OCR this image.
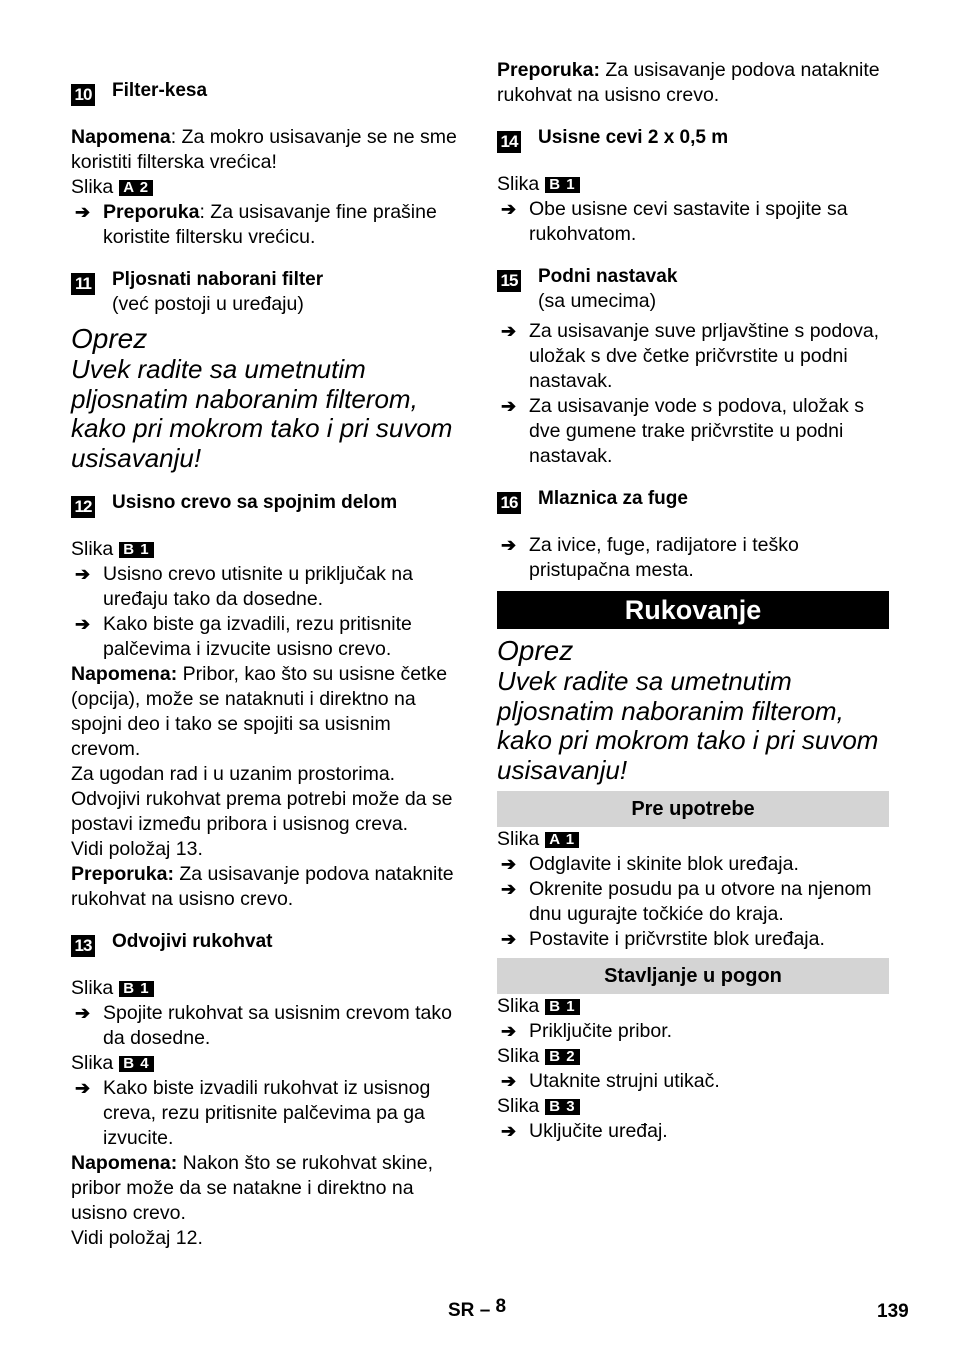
10 Filter-kesa

Napomena: Za mokro usisavanje se ne sme koristiti filterska vrećica!

Slika A 2

➔ Preporuka: Za usisavanje fine prašine koristite filtersku vrećicu.

11 Pljosnati naborani filter
(već postoji u uređaju)
Oprez
Uvek radite sa umetnutim pljosnatim naboranim filterom, kako pri mokrom tako i pri suvom usisavanju!
12 Usisno crevo sa spojnim delom

Slika B 1

➔ Usisno crevo utisnite u priključak na uređaju tako da dosedne.

➔ Kako biste ga izvadili, rezu pritisnite palčevima i izvucite usisno crevo.

Napomena: Pribor, kao što su usisne četke (opcija), može se nataknuti i direktno na spojni deo i tako se spojiti sa usisnim crevom.

Za ugodan rad i u uzanim prostorima.

Odvojivi rukohvat prema potrebi može da se postavi između pribora i usisnog creva.

Vidi položaj 13.

Preporuka: Za usisavanje podova nataknite rukohvat na usisno crevo.

13 Odvojivi rukohvat

Slika B 1

➔ Spojite rukohvat sa usisnim crevom tako da dosedne.

Slika B 4

➔ Kako biste izvadili rukohvat iz usisnog creva, rezu pritisnite palčevima pa ga izvucite.

Napomena: Nakon što se rukohvat skine, pribor može da se natakne i direktno na usisno crevo.

Vidi položaj 12.

Preporuka: Za usisavanje podova nataknite rukohvat na usisno crevo.

14 Usisne cevi 2 x 0,5 m

Slika B 1

➔ Obe usisne cevi sastavite i spojite sa rukohvatom.

15 Podni nastavak
(sa umecima)

➔ Za usisavanje suve prljavštine s podova, uložak s dve četke pričvrstite u podni nastavak.

➔ Za usisavanje vode s podova, uložak s dve gumene trake pričvrstite u podni nastavak.

16 Mlaznica za fuge

➔ Za ivice, fuge, radijatore i teško pristupačna mesta.

Rukovanje
Oprez
Uvek radite sa umetnutim pljosnatim naboranim filterom, kako pri mokrom tako i pri suvom usisavanju!
Pre upotrebe

Slika A 1

➔ Odglavite i skinite blok uređaja.

➔ Okrenite posudu pa u otvore na njenom dnu ugurajte točkiće do kraja.

➔ Postavite i pričvrstite blok uređaja.

Stavljanje u pogon

Slika B 1

➔ Priključite pribor.

Slika B 2

➔ Utaknite strujni utikač.

Slika B 3

➔ Uključite uređaj.

SR – 8	139
